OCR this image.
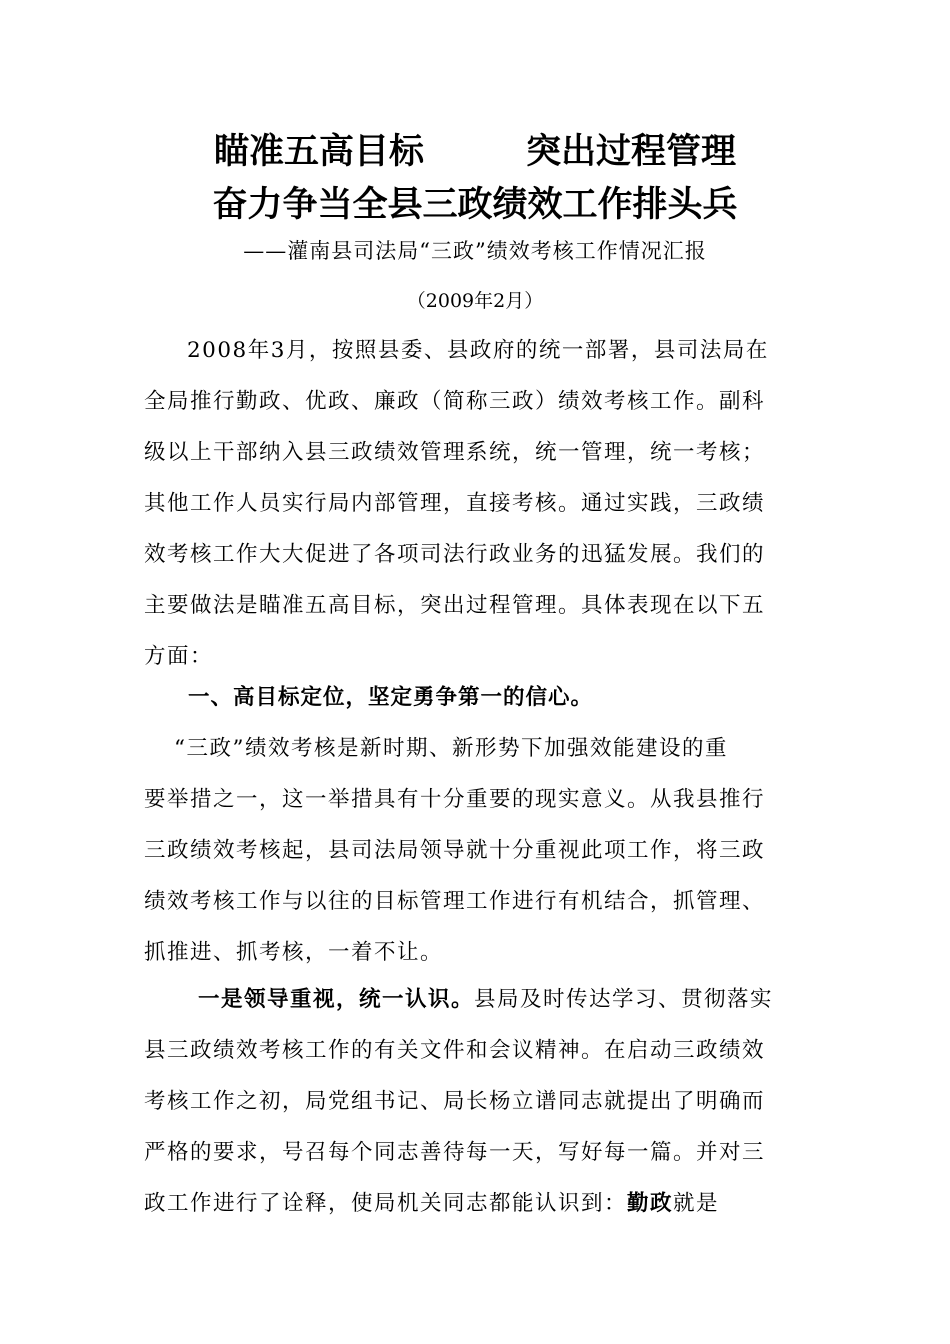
瞄准五高目标	突出过程管理
奋力争当全县三政绩效工作排头兵
——灌南县司法局“三政”绩效考核工作情况汇报
（2009年2月）
2008年3月，按照县委、县政府的统一部署，县司法局在
全局推行勤政、优政、廉政（简称三政）绩效考核工作。副科
级以上干部纳入县三政绩效管理系统，统一管理，统一考核；
其他工作人员实行局内部管理，直接考核。通过实践，三政绩
效考核工作大大促进了各项司法行政业务的迅猛发展。我们的
主要做法是瞄准五高目标，突出过程管理。具体表现在以下五
方面：
一、高目标定位，坚定勇争第一的信心。
“三政”绩效考核是新时期、新形势下加强效能建设的重
要举措之一，这一举措具有十分重要的现实意义。从我县推行
三政绩效考核起，县司法局领导就十分重视此项工作，将三政
绩效考核工作与以往的目标管理工作进行有机结合，抓管理、
抓推进、抓考核，一着不让。
一是领导重视，统一认识。县局及时传达学习、贯彻落实
县三政绩效考核工作的有关文件和会议精神。在启动三政绩效
考核工作之初，局党组书记、局长杨立谱同志就提出了明确而
严格的要求，号召每个同志善待每一天，写好每一篇。并对三
政工作进行了诠释，使局机关同志都能认识到：勤政就是
